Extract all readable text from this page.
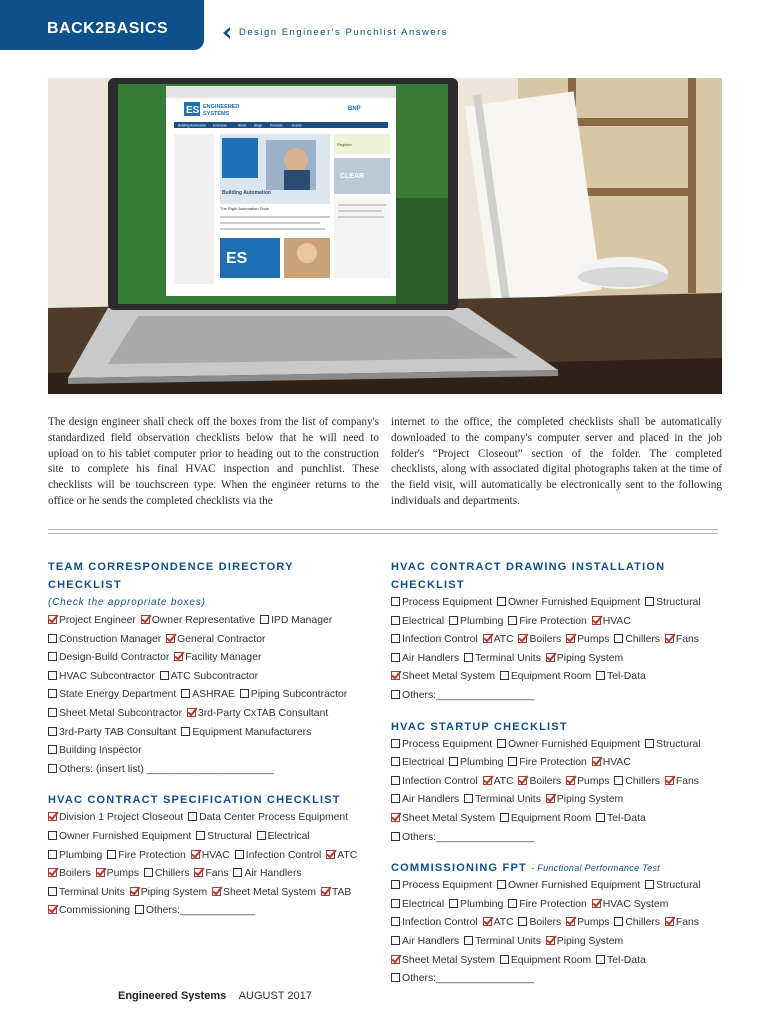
BACK2BASICS	Design Engineer's Punchlist Answers
ES ENGINEERED
SYSTEMS
BNP
Building Automation Enclosure	News	Blogs	Products	Events
Building Automation
Register
CLEAR
The Right Automation Tools
ES
The design engineer shall check off the boxes from the list of company's standardized field observation checklists below that he will need to upload on to his tablet computer prior to heading out to the construction site to complete his final HVAC inspection and punchlist. These checklists will be touchscreen type. When the engineer returns to the office or he sends the completed checklists via the
internet to the office, the completed checklists shall be automatically downloaded to the company's computer server and placed in the job folder's “Project Closeout” section of the folder. The completed checklists, along with associated digital photographs taken at the time of the field visit, will automatically be electronically sent to the following individuals and departments.
TEAM CORRESPONDENCE DIRECTORY CHECKLIST
(Check the appropriate boxes)
Project Engineer Owner Representative IPD Manager Construction Manager General Contractor Design-Build Contractor Facility Manager HVAC Subcontractor ATC Subcontractor State Energy Department ASHRAE Piping Subcontractor Sheet Metal Subcontractor 3rd-Party CxTAB Consultant 3rd-Party TAB Consultant Equipment Manufacturers Building Inspector Others: (insert list) ______________________
HVAC CONTRACT SPECIFICATION CHECKLIST
Division 1 Project Closeout Data Center Process Equipment Owner Furnished Equipment Structural Electrical Plumbing Fire Protection HVAC Infection Control ATC Boilers Pumps Chillers Fans Air Handlers Terminal Units Piping System Sheet Metal System TAB Commissioning Others:_____________
HVAC CONTRACT DRAWING INSTALLATION CHECKLIST
Process Equipment Owner Furnished Equipment Structural Electrical Plumbing Fire Protection HVAC Infection Control ATC Boilers Pumps Chillers Fans Air Handlers Terminal Units Piping System Sheet Metal System Equipment Room Tel-Data Others:_________________
HVAC STARTUP CHECKLIST
Process Equipment Owner Furnished Equipment Structural Electrical Plumbing Fire Protection HVAC Infection Control ATC Boilers Pumps Chillers Fans Air Handlers Terminal Units Piping System Sheet Metal System Equipment Room Tel-Data Others:_________________
COMMISSIONING FPT - Functional Performance Test
Process Equipment Owner Furnished Equipment Structural Electrical Plumbing Fire Protection HVAC System Infection Control ATC Boilers Pumps Chillers Fans Air Handlers Terminal Units Piping System Sheet Metal System Equipment Room Tel-Data Others:_________________
Engineered Systems AUGUST 2017
